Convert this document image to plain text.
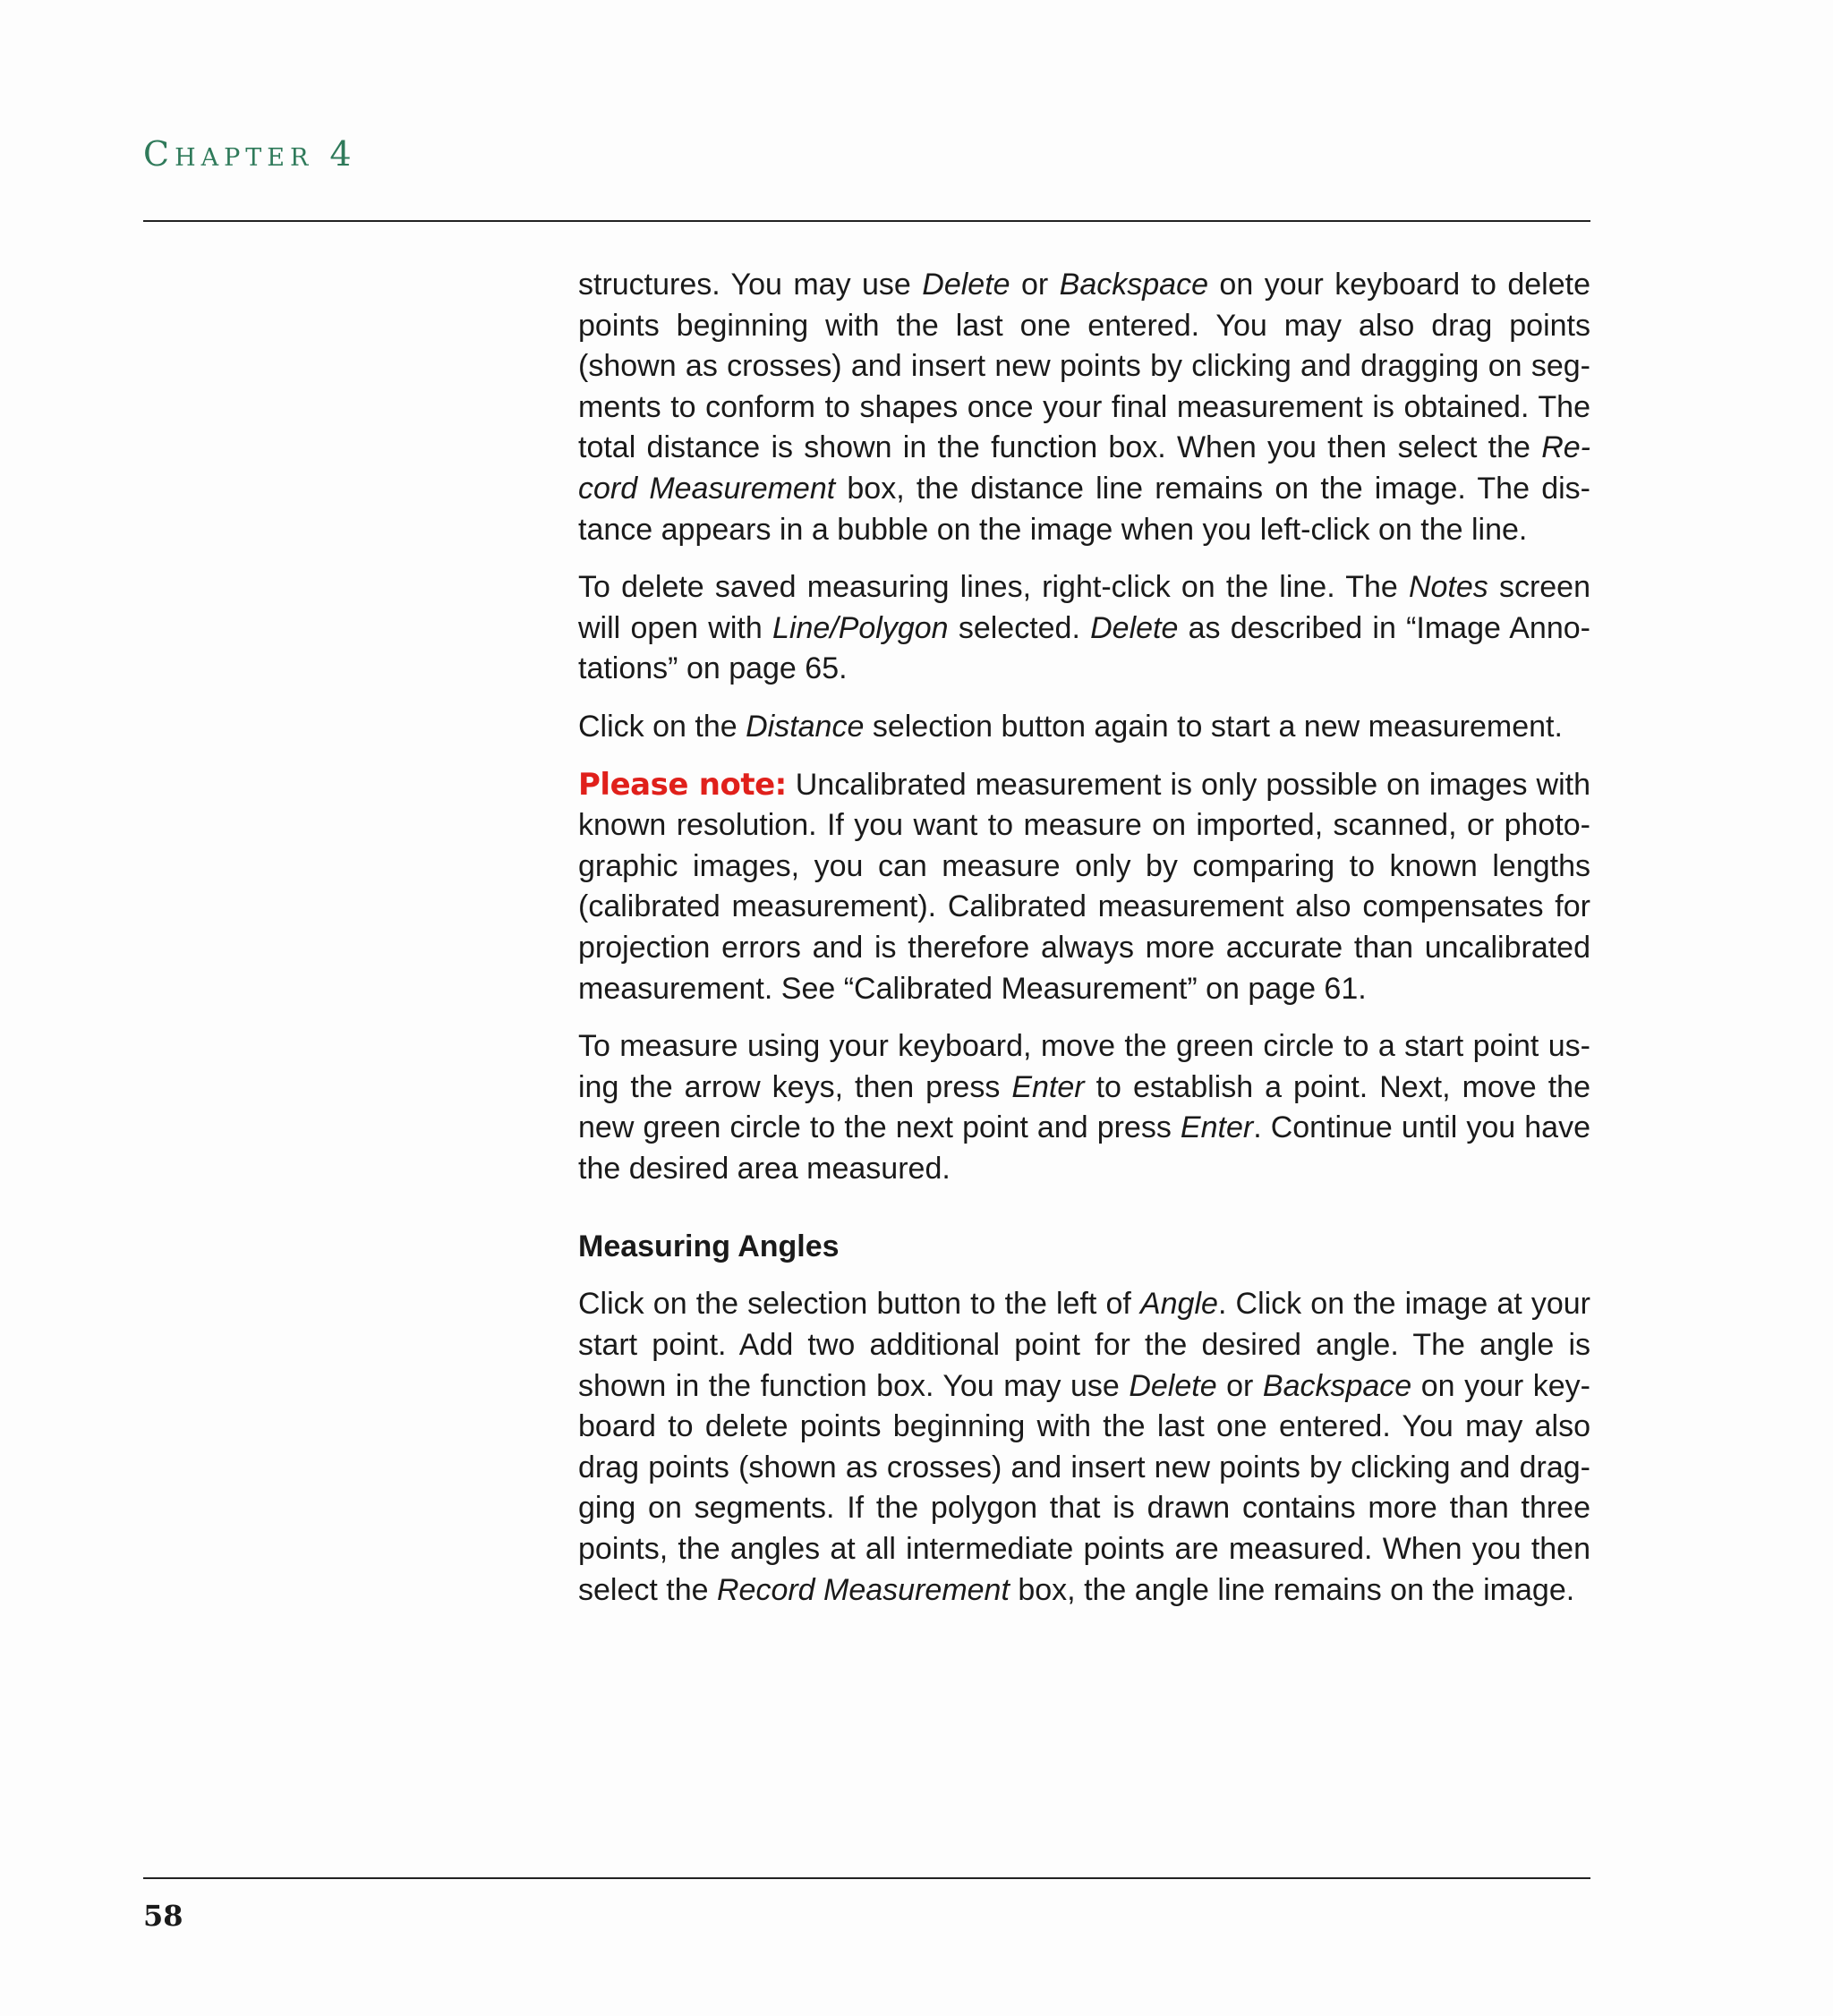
Chapter 4

structures. You may use Delete or Backspace on your keyboard to delete points beginning with the last one entered. You may also drag points (shown as crosses) and insert new points by clicking and dragging on segments to conform to shapes once your final measurement is obtained. The total distance is shown in the function box. When you then select the Record Measurement box, the distance line remains on the image. The distance appears in a bubble on the image when you left-click on the line.

To delete saved measuring lines, right-click on the line. The Notes screen will open with Line/Polygon selected. Delete as described in “Image Annotations” on page 65.

Click on the Distance selection button again to start a new measurement.

Please note: Uncalibrated measurement is only possible on images with known resolution. If you want to measure on imported, scanned, or photographic images, you can measure only by comparing to known lengths (calibrated measurement). Calibrated measurement also compensates for projection errors and is therefore always more accurate than uncalibrated measurement. See “Calibrated Measurement” on page 61.

To measure using your keyboard, move the green circle to a start point using the arrow keys, then press Enter to establish a point. Next, move the new green circle to the next point and press Enter. Continue until you have the desired area measured.

Measuring Angles

Click on the selection button to the left of Angle. Click on the image at your start point. Add two additional point for the desired angle. The angle is shown in the function box. You may use Delete or Backspace on your keyboard to delete points beginning with the last one entered. You may also drag points (shown as crosses) and insert new points by clicking and dragging on segments. If the polygon that is drawn contains more than three points, the angles at all intermediate points are measured. When you then select the Record Measurement box, the angle line remains on the image.

58
